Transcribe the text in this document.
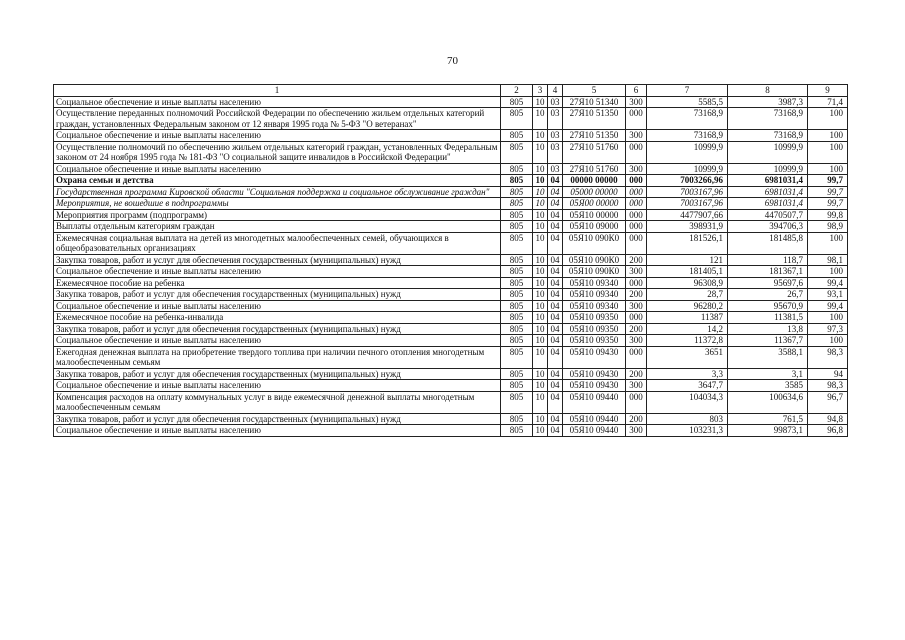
70
1	2	3	4	5	6	7	8	9
Социальное обеспечение и иные выплаты населению	805	10	03	27Я10 51340	300	5585,5	3987,3	71,4
Осуществление переданных полномочий Российской Федерации по обеспечению жильем отдельных категорий граждан, установленных Федеральным законом от 12 января 1995 года № 5-ФЗ "О ветеранах"	805	10	03	27Я10 51350	000	73168,9	73168,9	100
Социальное обеспечение и иные выплаты населению	805	10	03	27Я10 51350	300	73168,9	73168,9	100
Осуществление полномочий по обеспечению жильем отдельных категорий граждан, установленных Федеральным законом от 24 ноября 1995 года № 181-ФЗ "О социальной защите инвалидов в Российской Федерации"	805	10	03	27Я10 51760	000	10999,9	10999,9	100
Социальное обеспечение и иные выплаты населению	805	10	03	27Я10 51760	300	10999,9	10999,9	100
Охрана семьи и детства	805	10	04	00000 00000	000	7003266,96	6981031,4	99,7
Государственная программа Кировской области "Социальная поддержка и социальное обслуживание граждан"	805	10	04	05000 00000	000	7003167,96	6981031,4	99,7
Мероприятия, не вошедшие в подпрограммы	805	10	04	05Я00 00000	000	7003167,96	6981031,4	99,7
Мероприятия программ (подпрограмм)	805	10	04	05Я10 00000	000	4477907,66	4470507,7	99,8
Выплаты отдельным категориям граждан	805	10	04	05Я10 09000	000	398931,9	394706,3	98,9
Ежемесячная социальная выплата на детей из многодетных малообеспеченных семей, обучающихся в общеобразовательных организациях	805	10	04	05Я10 090К0	000	181526,1	181485,8	100
Закупка товаров, работ и услуг для обеспечения государственных (муниципальных) нужд	805	10	04	05Я10 090К0	200	121	118,7	98,1
Социальное обеспечение и иные выплаты населению	805	10	04	05Я10 090К0	300	181405,1	181367,1	100
Ежемесячное пособие на ребенка	805	10	04	05Я10 09340	000	96308,9	95697,6	99,4
Закупка товаров, работ и услуг для обеспечения государственных (муниципальных) нужд	805	10	04	05Я10 09340	200	28,7	26,7	93,1
Социальное обеспечение и иные выплаты населению	805	10	04	05Я10 09340	300	96280,2	95670,9	99,4
Ежемесячное пособие на ребенка-инвалида	805	10	04	05Я10 09350	000	11387	11381,5	100
Закупка товаров, работ и услуг для обеспечения государственных (муниципальных) нужд	805	10	04	05Я10 09350	200	14,2	13,8	97,3
Социальное обеспечение и иные выплаты населению	805	10	04	05Я10 09350	300	11372,8	11367,7	100
Ежегодная денежная выплата на приобретение твердого топлива при наличии печного отопления многодетным малообеспеченным семьям	805	10	04	05Я10 09430	000	3651	3588,1	98,3
Закупка товаров, работ и услуг для обеспечения государственных (муниципальных) нужд	805	10	04	05Я10 09430	200	3,3	3,1	94
Социальное обеспечение и иные выплаты населению	805	10	04	05Я10 09430	300	3647,7	3585	98,3
Компенсация расходов на оплату коммунальных услуг в виде ежемесячной денежной выплаты многодетным малообеспеченным семьям	805	10	04	05Я10 09440	000	104034,3	100634,6	96,7
Закупка товаров, работ и услуг для обеспечения государственных (муниципальных) нужд	805	10	04	05Я10 09440	200	803	761,5	94,8
Социальное обеспечение и иные выплаты населению	805	10	04	05Я10 09440	300	103231,3	99873,1	96,8
